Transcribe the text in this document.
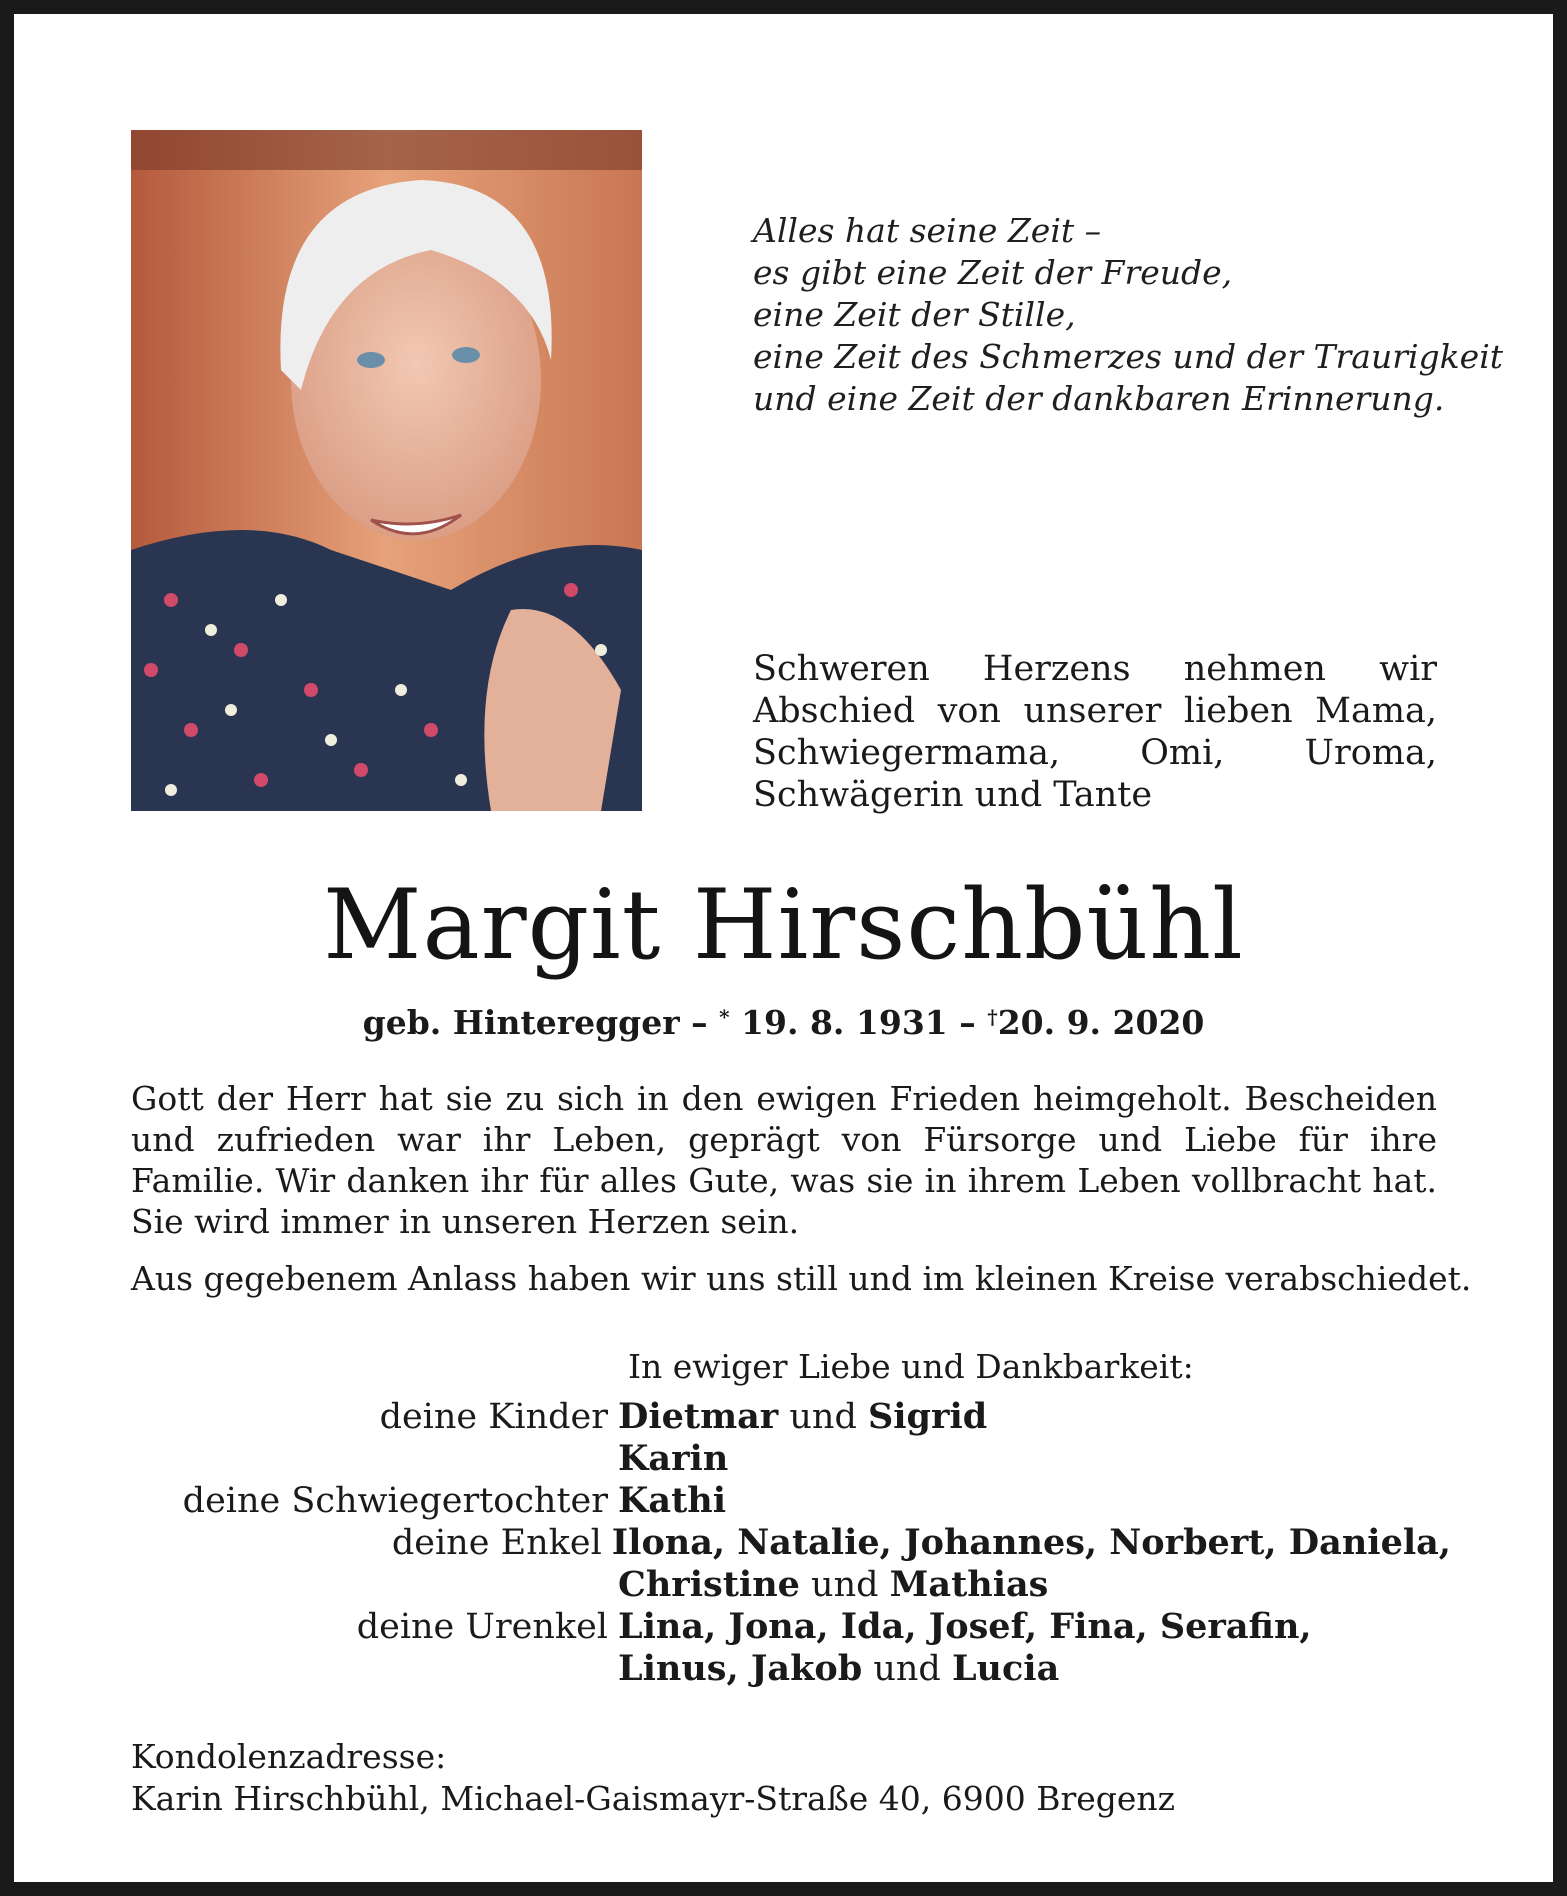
Alles hat seine Zeit –
es gibt eine Zeit der Freude,
eine Zeit der Stille,
eine Zeit des Schmerzes und der Traurigkeit
und eine Zeit der dankbaren Erinnerung.
Schweren Herzens nehmen wir Abschied von unserer lieben Mama, Schwiegermama, Omi, Uroma, Schwägerin und Tante
Margit Hirschbühl
geb. Hinteregger – * 19. 8. 1931 – †20. 9. 2020
Gott der Herr hat sie zu sich in den ewigen Frieden heimgeholt. Bescheiden und zufrieden war ihr Leben, geprägt von Fürsorge und Liebe für ihre Familie. Wir danken ihr für alles Gute, was sie in ihrem Leben vollbracht hat. Sie wird immer in unseren Herzen sein.
Aus gegebenem Anlass haben wir uns still und im kleinen Kreise verabschiedet.
In ewiger Liebe und Dankbarkeit:
deine Kinder Dietmar und Sigrid
Karin
deine Schwiegertochter Kathi
deine Enkel Ilona, Natalie, Johannes, Norbert, Daniela,
Christine und Mathias
deine Urenkel Lina, Jona, Ida, Josef, Fina, Serafin,
Linus, Jakob und Lucia
Kondolenzadresse:
Karin Hirschbühl, Michael-Gaismayr-Straße 40, 6900 Bregenz
